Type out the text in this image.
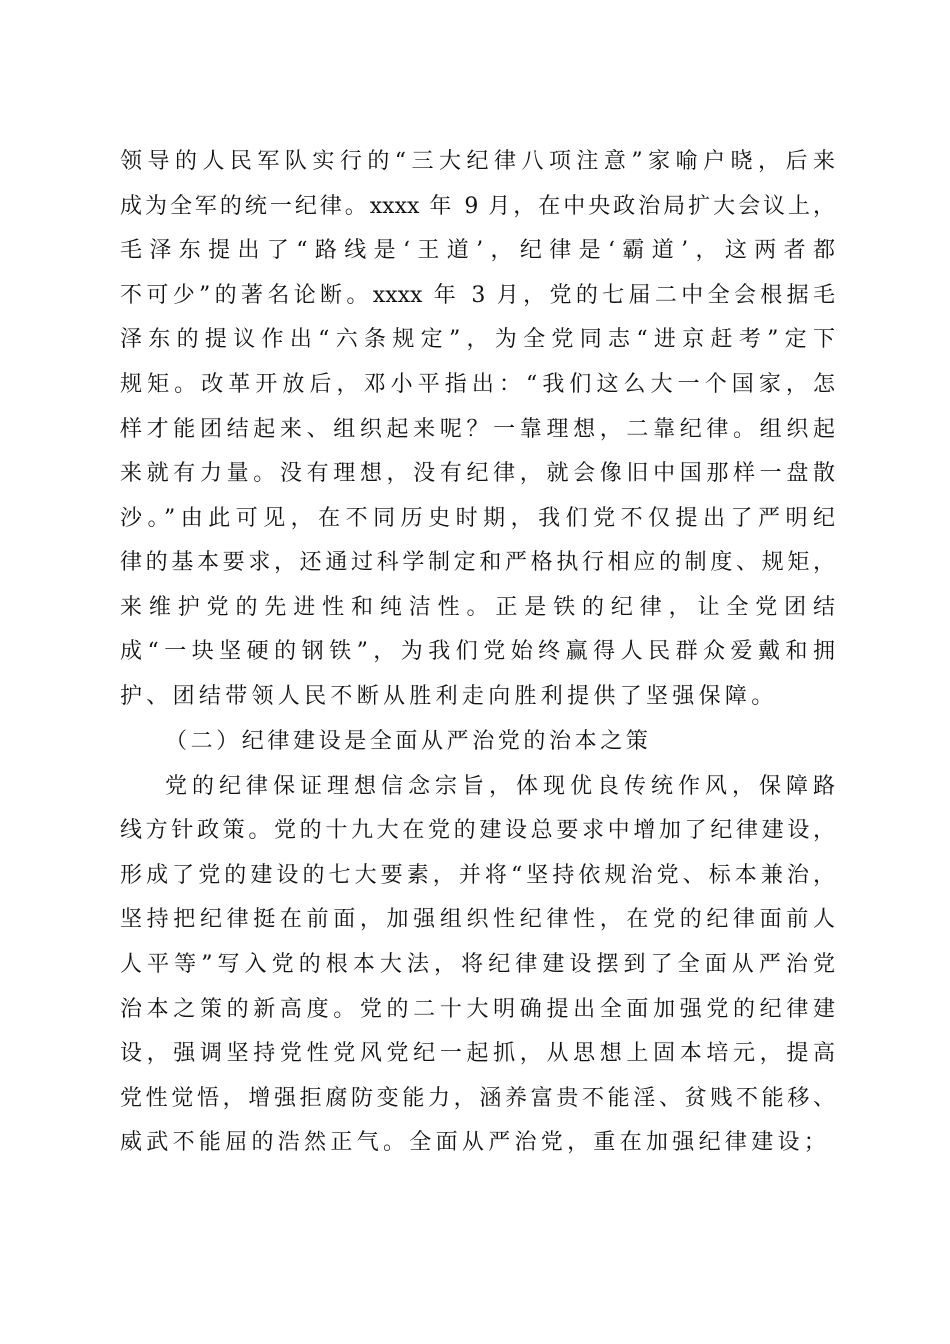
领导的人民军队实行的“三大纪律八项注意”家喻户晓，后来
成为全军的统一纪律。xxxx 年 9 月，在中央政治局扩大会议上，
毛泽东提出了“路线是‘王道’，纪律是‘霸道’，这两者都
不可少”的著名论断。xxxx 年 3 月，党的七届二中全会根据毛
泽东的提议作出“六条规定”，为全党同志“进京赶考”定下
规矩。改革开放后，邓小平指出：“我们这么大一个国家，怎
样才能团结起来、组织起来呢？一靠理想，二靠纪律。组织起
来就有力量。没有理想，没有纪律，就会像旧中国那样一盘散
沙。”由此可见，在不同历史时期，我们党不仅提出了严明纪
律的基本要求，还通过科学制定和严格执行相应的制度、规矩，
来维护党的先进性和纯洁性。正是铁的纪律，让全党团结
成“一块坚硬的钢铁”，为我们党始终赢得人民群众爱戴和拥
护、团结带领人民不断从胜利走向胜利提供了坚强保障。
（二）纪律建设是全面从严治党的治本之策
党的纪律保证理想信念宗旨，体现优良传统作风，保障路
线方针政策。党的十九大在党的建设总要求中增加了纪律建设，
形成了党的建设的七大要素，并将“坚持依规治党、标本兼治，
坚持把纪律挺在前面，加强组织性纪律性，在党的纪律面前人
人平等”写入党的根本大法，将纪律建设摆到了全面从严治党
治本之策的新高度。党的二十大明确提出全面加强党的纪律建
设，强调坚持党性党风党纪一起抓，从思想上固本培元，提高
党性觉悟，增强拒腐防变能力，涵养富贵不能淫、贫贱不能移、
威武不能屈的浩然正气。全面从严治党，重在加强纪律建设；
